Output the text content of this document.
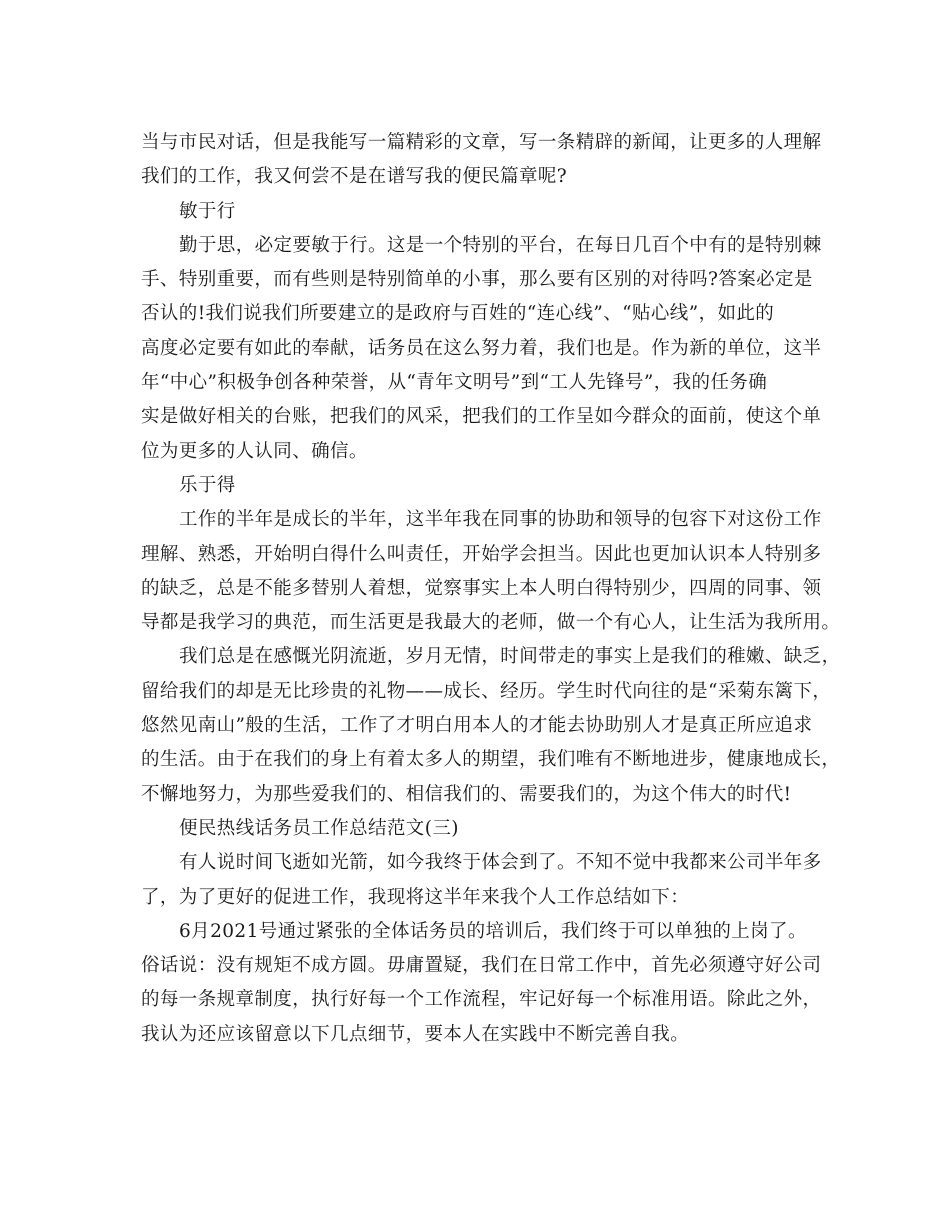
当与市民对话，但是我能写一篇精彩的文章，写一条精辟的新闻，让更多的人理解
我们的工作，我又何尝不是在谱写我的便民篇章呢?
敏于行
勤于思，必定要敏于行。这是一个特别的平台，在每日几百个中有的是特别棘
手、特别重要，而有些则是特别简单的小事，那么要有区别的对待吗?答案必定是
否认的!我们说我们所要建立的是政府与百姓的“连心线”、“贴心线”，如此的
高度必定要有如此的奉献，话务员在这么努力着，我们也是。作为新的单位，这半
年“中心”积极争创各种荣誉，从“青年文明号”到“工人先锋号”，我的任务确
实是做好相关的台账，把我们的风采，把我们的工作呈如今群众的面前，使这个单
位为更多的人认同、确信。
乐于得
工作的半年是成长的半年，这半年我在同事的协助和领导的包容下对这份工作
理解、熟悉，开始明白得什么叫责任，开始学会担当。因此也更加认识本人特别多
的缺乏，总是不能多替别人着想，觉察事实上本人明白得特别少，四周的同事、领
导都是我学习的典范，而生活更是我最大的老师，做一个有心人，让生活为我所用。
我们总是在感慨光阴流逝，岁月无情，时间带走的事实上是我们的稚嫩、缺乏，
留给我们的却是无比珍贵的礼物——成长、经历。学生时代向往的是“采菊东篱下，
悠然见南山”般的生活，工作了才明白用本人的才能去协助别人才是真正所应追求
的生活。由于在我们的身上有着太多人的期望，我们唯有不断地进步，健康地成长，
不懈地努力，为那些爱我们的、相信我们的、需要我们的，为这个伟大的时代!
便民热线话务员工作总结范文(三)
有人说时间飞逝如光箭，如今我终于体会到了。不知不觉中我都来公司半年多
了，为了更好的促进工作，我现将这半年来我个人工作总结如下：
6月2021号通过紧张的全体话务员的培训后，我们终于可以单独的上岗了。
俗话说：没有规矩不成方圆。毋庸置疑，我们在日常工作中，首先必须遵守好公司
的每一条规章制度，执行好每一个工作流程，牢记好每一个标准用语。除此之外，
我认为还应该留意以下几点细节，要本人在实践中不断完善自我。
